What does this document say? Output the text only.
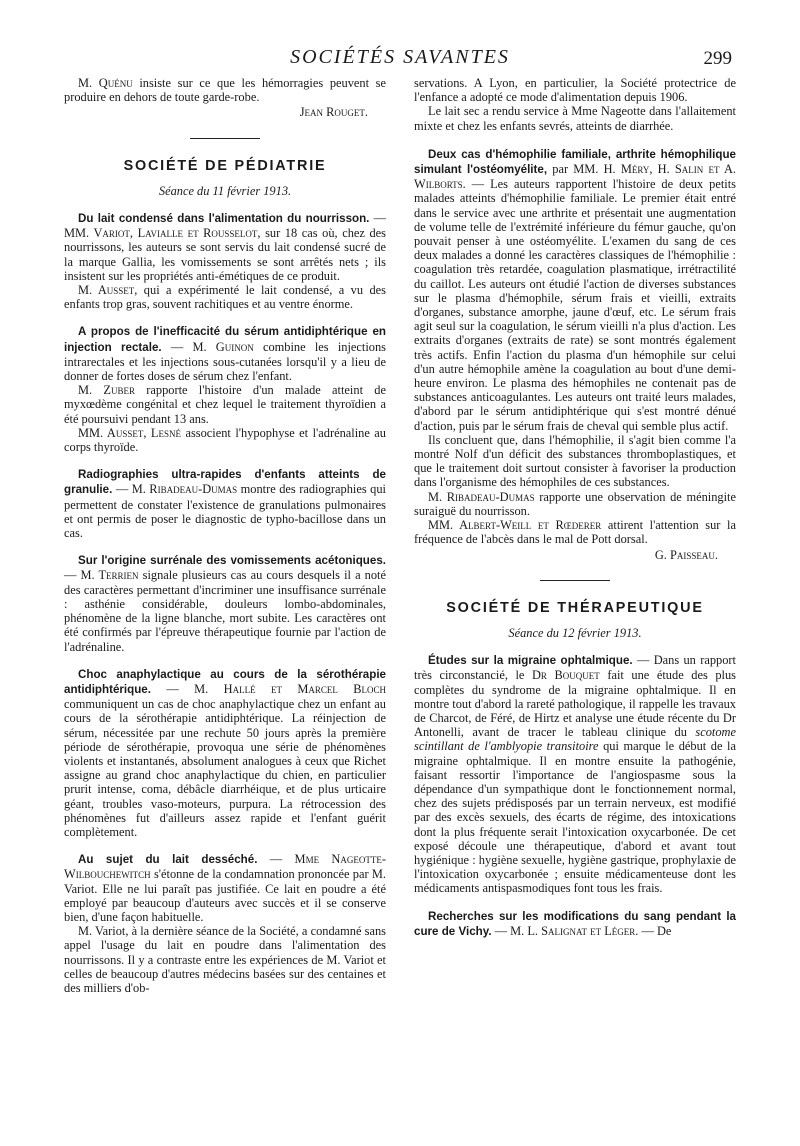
SOCIÉTÉS SAVANTES	299

M. Quénu insiste sur ce que les hémorragies peuvent se produire en dehors de toute garde-robe.

Jean Rouget.
SOCIÉTÉ DE PÉDIATRIE
Séance du 11 février 1913.

Du lait condensé dans l'alimentation du nourrisson. — MM. Variot, Lavialle et Rousselot, sur 18 cas où, chez des nourrissons, les auteurs se sont servis du lait condensé sucré de la marque Gallia, les vomissements se sont arrêtés nets ; ils insistent sur les propriétés anti-émétiques de ce produit.

M. Ausset, qui a expérimenté le lait condensé, a vu des enfants trop gras, souvent rachitiques et au ventre énorme.

A propos de l'inefficacité du sérum antidiphtérique en injection rectale. — M. Guinon combine les injections intrarectales et les injections sous-cutanées lorsqu'il y a lieu de donner de fortes doses de sérum chez l'enfant.

M. Zuber rapporte l'histoire d'un malade atteint de myxœdème congénital et chez lequel le traitement thyroïdien a été poursuivi pendant 13 ans.

MM. Ausset, Lesné associent l'hypophyse et l'adrénaline au corps thyroïde.

Radiographies ultra-rapides d'enfants atteints de granulie. — M. Ribadeau-Dumas montre des radiographies qui permettent de constater l'existence de granulations pulmonaires et ont permis de poser le diagnostic de typho-bacillose dans un cas.

Sur l'origine surrénale des vomissements acétoniques. — M. Terrien signale plusieurs cas au cours desquels il a noté des caractères permettant d'incriminer une insuffisance surrénale : asthénie considérable, douleurs lombo-abdominales, phénomène de la ligne blanche, mort subite. Les caractères ont été confirmés par l'épreuve thérapeutique fournie par l'action de l'adrénaline.

Choc anaphylactique au cours de la sérothérapie antidiphtérique. — M. Hallé et Marcel Bloch communiquent un cas de choc anaphylactique chez un enfant au cours de la sérothérapie antidiphtérique. La réinjection de sérum, nécessitée par une rechute 50 jours après la première période de sérothérapie, provoqua une série de phénomènes violents et instantanés, absolument analogues à ceux que Richet assigne au grand choc anaphylactique du chien, en particulier prurit intense, coma, débâcle diarrhéique, et de plus urticaire géant, troubles vaso-moteurs, purpura. La rétrocession des phénomènes fut d'ailleurs assez rapide et l'enfant guérit complètement.

Au sujet du lait desséché. — Mme Nageotte-Wilbouchewitch s'étonne de la condamnation prononcée par M. Variot. Elle ne lui paraît pas justifiée. Ce lait en poudre a été employé par beaucoup d'auteurs avec succès et il se conserve bien, d'une façon habituelle.

M. Variot, à la dernière séance de la Société, a condamné sans appel l'usage du lait en poudre dans l'alimentation des nourrissons. Il y a contraste entre les expériences de M. Variot et celles de beaucoup d'autres médecins basées sur des centaines et des milliers d'ob-

servations. A Lyon, en particulier, la Société protectrice de l'enfance a adopté ce mode d'alimentation depuis 1906.

Le lait sec a rendu service à Mme Nageotte dans l'allaitement mixte et chez les enfants sevrés, atteints de diarrhée.

Deux cas d'hémophilie familiale, arthrite hémophilique simulant l'ostéomyélite, par MM. H. Méry, H. Salin et A. Wilborts. — Les auteurs rapportent l'histoire de deux petits malades atteints d'hémophilie familiale. Le premier était entré dans le service avec une arthrite et présentait une augmentation de volume telle de l'extrémité inférieure du fémur gauche, qu'on pouvait penser à une ostéomyélite. L'examen du sang de ces deux malades a donné les caractères classiques de l'hémophilie : coagulation très retardée, coagulation plasmatique, irrétractilité du caillot. Les auteurs ont étudié l'action de diverses substances sur le plasma d'hémophile, sérum frais et vieilli, extraits d'organes, substance amorphe, jaune d'œuf, etc. Le sérum frais agit seul sur la coagulation, le sérum vieilli n'a plus d'action. Les extraits d'organes (extraits de rate) se sont montrés également très actifs. Enfin l'action du plasma d'un hémophile sur celui d'un autre hémophile amène la coagulation au bout d'une demi-heure environ. Le plasma des hémophiles ne contenait pas de substances anticoagulantes. Les auteurs ont traité leurs malades, d'abord par le sérum antidiphtérique qui s'est montré dénué d'action, puis par le sérum frais de cheval qui semble plus actif.

Ils concluent que, dans l'hémophilie, il s'agit bien comme l'a montré Nolf d'un déficit des substances thromboplastiques, et que le traitement doit surtout consister à favoriser la production dans l'organisme des hémophiles de ces substances.

M. Ribadeau-Dumas rapporte une observation de méningite suraiguë du nourrisson.

MM. Albert-Weill et Rœderer attirent l'attention sur la fréquence de l'abcès dans le mal de Pott dorsal.

G. Paisseau.
SOCIÉTÉ DE THÉRAPEUTIQUE
Séance du 12 février 1913.

Études sur la migraine ophtalmique. — Dans un rapport très circonstancié, le Dr Bouquet fait une étude des plus complètes du syndrome de la migraine ophtalmique. Il en montre tout d'abord la rareté pathologique, il rappelle les travaux de Charcot, de Féré, de Hirtz et analyse une étude récente du Dr Antonelli, avant de tracer le tableau clinique du scotome scintillant de l'amblyopie transitoire qui marque le début de la migraine ophtalmique. Il en montre ensuite la pathogénie, faisant ressortir l'importance de l'angiospasme sous la dépendance d'un sympathique dont le fonctionnement normal, chez des sujets prédisposés par un terrain nerveux, est modifié par des excès sexuels, des écarts de régime, des intoxications dont la plus fréquente serait l'intoxication oxycarbonée. De cet exposé découle une thérapeutique, d'abord et avant tout hygiénique : hygiène sexuelle, hygiène gastrique, prophylaxie de l'intoxication oxycarbonée ; ensuite médicamenteuse dont les médicaments antispasmodiques font tous les frais.

Recherches sur les modifications du sang pendant la cure de Vichy. — M. L. Salignat et Léger. — De
